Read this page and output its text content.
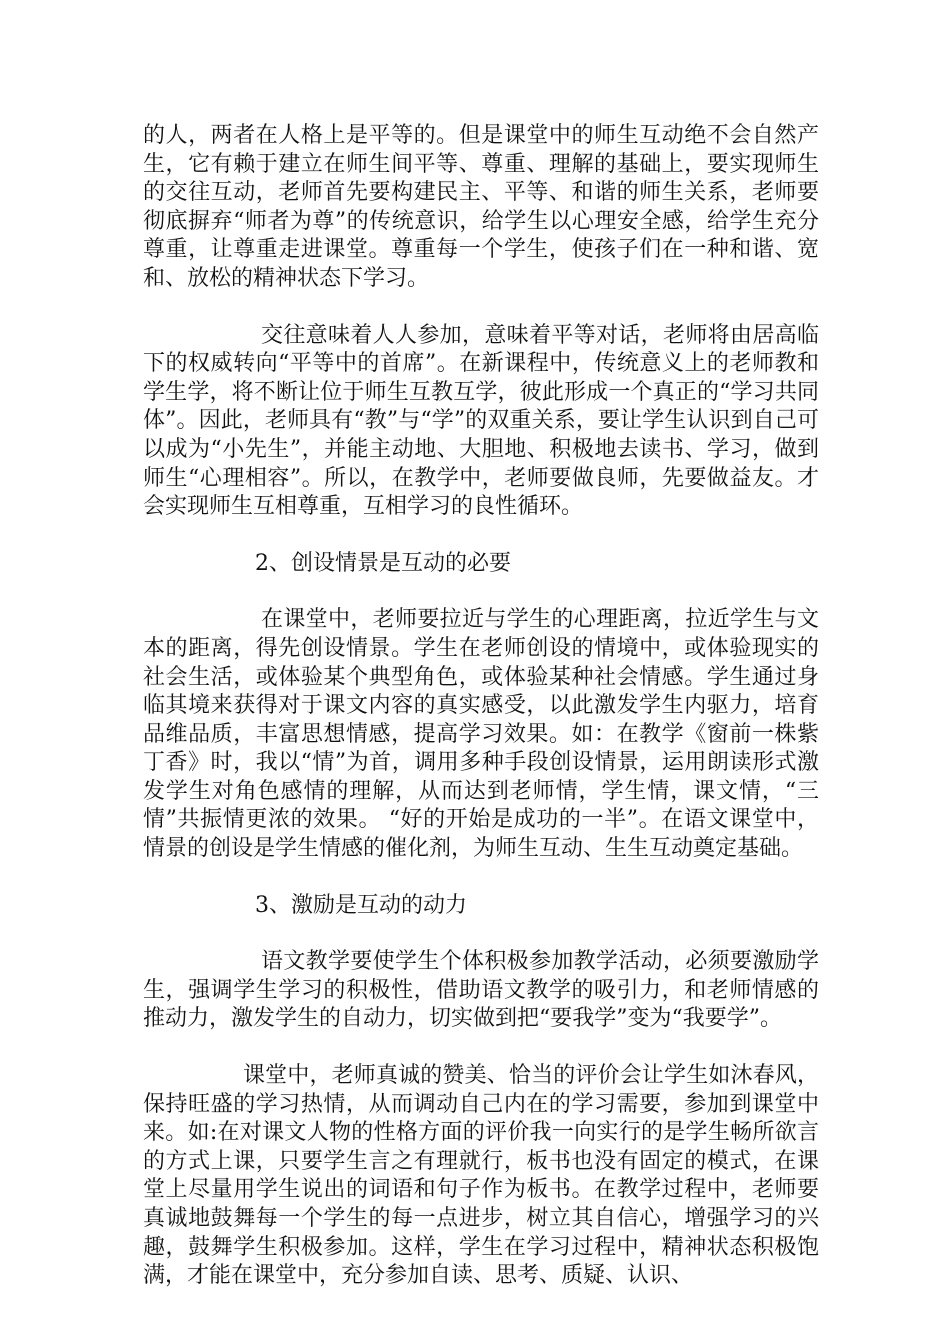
的人，两者在人格上是平等的。但是课堂中的师生互动绝不会自然产生，它有赖于建立在师生间平等、尊重、理解的基础上，要实现师生的交往互动，老师首先要构建民主、平等、和谐的师生关系，老师要彻底摒弃“师者为尊”的传统意识，给学生以心理安全感，给学生充分尊重，让尊重走进课堂。尊重每一个学生，使孩子们在一种和谐、宽和、放松的精神状态下学习。

交往意味着人人参加，意味着平等对话，老师将由居高临下的权威转向“平等中的首席”。在新课程中，传统意义上的老师教和学生学，将不断让位于师生互教互学，彼此形成一个真正的“学习共同体”。因此，老师具有“教”与“学”的双重关系，要让学生认识到自己可以成为“小先生”，并能主动地、大胆地、积极地去读书、学习，做到师生“心理相容”。所以，在教学中，老师要做良师，先要做益友。才会实现师生互相尊重，互相学习的良性循环。

2、创设情景是互动的必要

在课堂中，老师要拉近与学生的心理距离，拉近学生与文本的距离，得先创设情景。学生在老师创设的情境中，或体验现实的社会生活，或体验某个典型角色，或体验某种社会情感。学生通过身临其境来获得对于课文内容的真实感受，以此激发学生内驱力，培育品维品质，丰富思想情感，提高学习效果。如：在教学《窗前一株紫丁香》时，我以“情”为首，调用多种手段创设情景，运用朗读形式激发学生对角色感情的理解，从而达到老师情，学生情，课文情，“三情”共振情更浓的效果。 “好的开始是成功的一半”。在语文课堂中，情景的创设是学生情感的催化剂，为师生互动、生生互动奠定基础。

3、激励是互动的动力

语文教学要使学生个体积极参加教学活动，必须要激励学生，强调学生学习的积极性，借助语文教学的吸引力，和老师情感的推动力，激发学生的自动力，切实做到把“要我学”变为“我要学”。

课堂中，老师真诚的赞美、恰当的评价会让学生如沐春风，保持旺盛的学习热情，从而调动自己内在的学习需要，参加到课堂中来。如:在对课文人物的性格方面的评价我一向实行的是学生畅所欲言的方式上课，只要学生言之有理就行，板书也没有固定的模式，在课堂上尽量用学生说出的词语和句子作为板书。在教学过程中，老师要真诚地鼓舞每一个学生的每一点进步，树立其自信心，增强学习的兴趣，鼓舞学生积极参加。这样，学生在学习过程中，精神状态积极饱满，才能在课堂中，充分参加自读、思考、质疑、认识、
